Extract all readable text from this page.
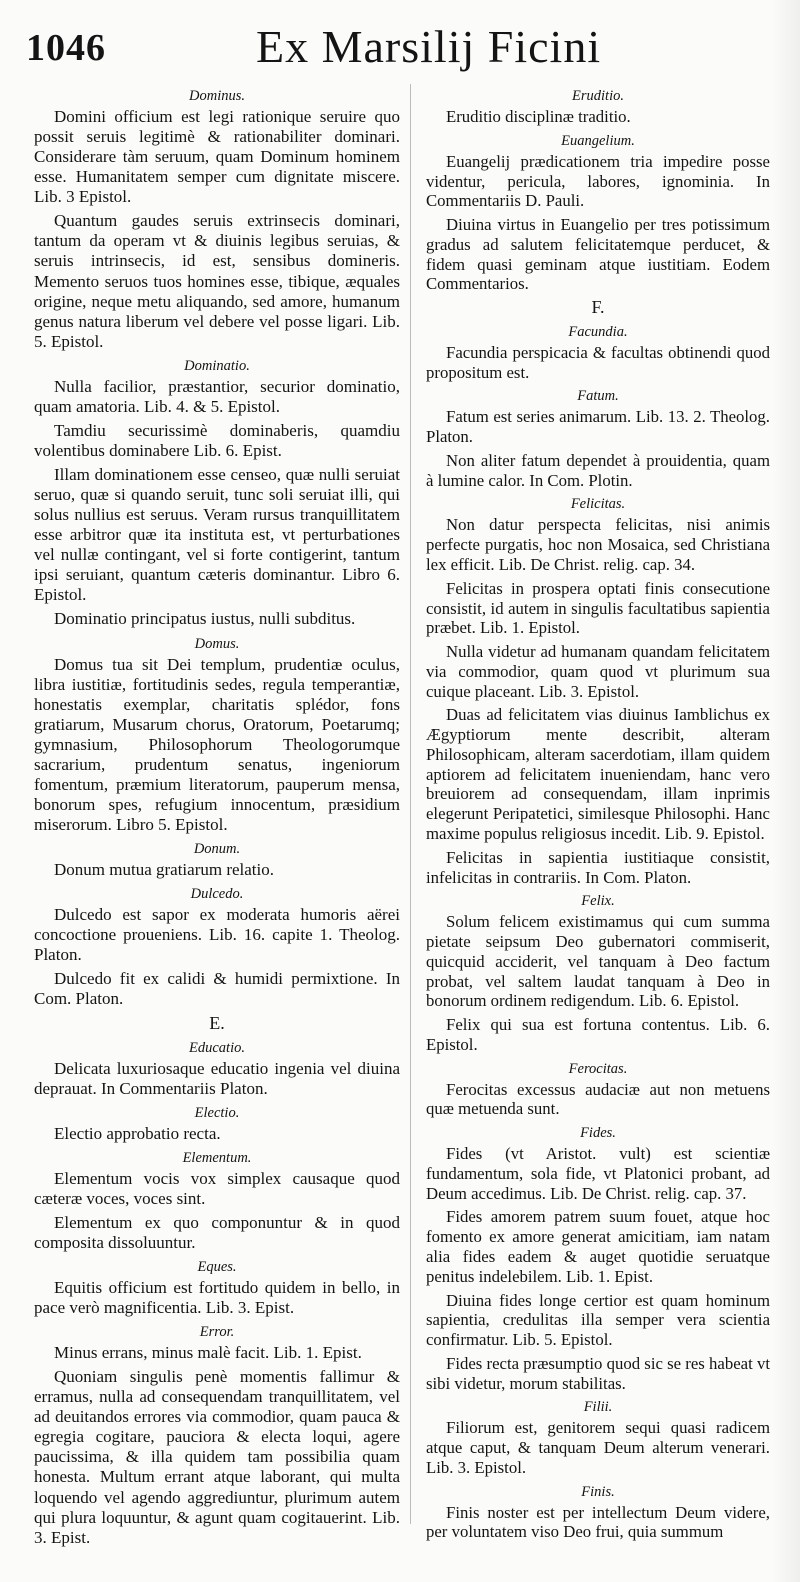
1046	Ex Marsilij Ficini
Dominus.
Domini officium est legi rationique seruire quo possit seruis legitimè & rationabiliter dominari. Considerare tàm seruum, quam Dominum hominem esse. Humanitatem semper cum dignitate miscere. Lib. 3 Epistol.
Quantum gaudes seruis extrinsecis dominari, tantum da operam vt & diuinis legibus seruias, & seruis intrinsecis, id est, sensibus domineris. Memento seruos tuos homines esse, tibique, æquales origine, neque metu aliquando, sed amore, humanum genus natura liberum vel debere vel posse ligari. Lib. 5. Epistol.
Dominatio.
Nulla facilior, præstantior, securior dominatio, quam amatoria. Lib. 4. & 5. Epistol.
Tamdiu securissimè dominaberis, quamdiu volentibus dominabere Lib. 6. Epist.
Illam dominationem esse censeo, quæ nulli seruiat seruo, quæ si quando seruit, tunc soli seruiat illi, qui solus nullius est seruus. Veram rursus tranquillitatem esse arbitror quæ ita instituta est, vt perturbationes vel nullæ contingant, vel si forte contigerint, tantum ipsi seruiant, quantum cæteris dominantur. Libro 6. Epistol.
Dominatio principatus iustus, nulli subditus.
Domus.
Domus tua sit Dei templum, prudentiæ oculus, libra iustitiæ, fortitudinis sedes, regula temperantiæ, honestatis exemplar, charitatis splédor, fons gratiarum, Musarum chorus, Oratorum, Poetarumq; gymnasium, Philosophorum Theologorumque sacrarium, prudentum senatus, ingeniorum fomentum, præmium literatorum, pauperum mensa, bonorum spes, refugium innocentum, præsidium miserorum. Libro 5. Epistol.
Donum.
Donum mutua gratiarum relatio.
Dulcedo.
Dulcedo est sapor ex moderata humoris aërei concoctione proueniens. Lib. 16. capite 1. Theolog. Platon.
Dulcedo fit ex calidi & humidi permixtione. In Com. Platon.
E.
Educatio.
Delicata luxuriosaque educatio ingenia vel diuina deprauat. In Commentariis Platon.
Electio.
Electio approbatio recta.
Elementum.
Elementum vocis vox simplex causaque quod cæteræ voces, voces sint.
Elementum ex quo componuntur & in quod composita dissoluuntur.
Eques.
Equitis officium est fortitudo quidem in bello, in pace verò magnificentia. Lib. 3. Epist.
Error.
Minus errans, minus malè facit. Lib. 1. Epist.
Quoniam singulis penè momentis fallimur & erramus, nulla ad consequendam tranquillitatem, vel ad deuitandos errores via commodior, quam pauca & egregia cogitare, pauciora & electa loqui, agere paucissima, & illa quidem tam possibilia quam honesta. Multum errant atque laborant, qui multa loquendo vel agendo aggrediuntur, plurimum autem qui plura loquuntur, & agunt quam cogitauerint. Lib. 3. Epist.
Eruditio.
Eruditio disciplinæ traditio.
Euangelium.
Euangelij prædicationem tria impedire posse videntur, pericula, labores, ignominia. In Commentariis D. Pauli.
Diuina virtus in Euangelio per tres potissimum gradus ad salutem felicitatemque perducet, & fidem quasi geminam atque iustitiam. Eodem Commentarios.
F.
Facundia.
Facundia perspicacia & facultas obtinendi quod propositum est.
Fatum.
Fatum est series animarum. Lib. 13. 2. Theolog. Platon.
Non aliter fatum dependet à prouidentia, quam à lumine calor. In Com. Plotin.
Felicitas.
Non datur perspecta felicitas, nisi animis perfecte purgatis, hoc non Mosaica, sed Christiana lex efficit. Lib. De Christ. relig. cap. 34.
Felicitas in prospera optati finis consecutione consistit, id autem in singulis facultatibus sapientia præbet. Lib. 1. Epistol.
Nulla videtur ad humanam quandam felicitatem via commodior, quam quod vt plurimum sua cuique placeant. Lib. 3. Epistol.
Duas ad felicitatem vias diuinus Iamblichus ex Ægyptiorum mente describit, alteram Philosophicam, alteram sacerdotiam, illam quidem aptiorem ad felicitatem inueniendam, hanc vero breuiorem ad consequendam, illam inprimis elegerunt Peripatetici, similesque Philosophi. Hanc maxime populus religiosus incedit. Lib. 9. Epistol.
Felicitas in sapientia iustitiaque consistit, infelicitas in contrariis. In Com. Platon.
Felix.
Solum felicem existimamus qui cum summa pietate seipsum Deo gubernatori commiserit, quicquid acciderit, vel tanquam à Deo factum probat, vel saltem laudat tanquam à Deo in bonorum ordinem redigendum. Lib. 6. Epistol.
Felix qui sua est fortuna contentus. Lib. 6. Epistol.
Ferocitas.
Ferocitas excessus audaciæ aut non metuens quæ metuenda sunt.
Fides.
Fides (vt Aristot. vult) est scientiæ fundamentum, sola fide, vt Platonici probant, ad Deum accedimus. Lib. De Christ. relig. cap. 37.
Fides amorem patrem suum fouet, atque hoc fomento ex amore generat amicitiam, iam natam alia fides eadem & auget quotidie seruatque penitus indelebilem. Lib. 1. Epist.
Diuina fides longe certior est quam hominum sapientia, credulitas illa semper vera scientia confirmatur. Lib. 5. Epistol.
Fides recta præsumptio quod sic se res habeat vt sibi videtur, morum stabilitas.
Filii.
Filiorum est, genitorem sequi quasi radicem atque caput, & tanquam Deum alterum venerari. Lib. 3. Epistol.
Finis.
Finis noster est per intellectum Deum videre, per voluntatem viso Deo frui, quia summum
